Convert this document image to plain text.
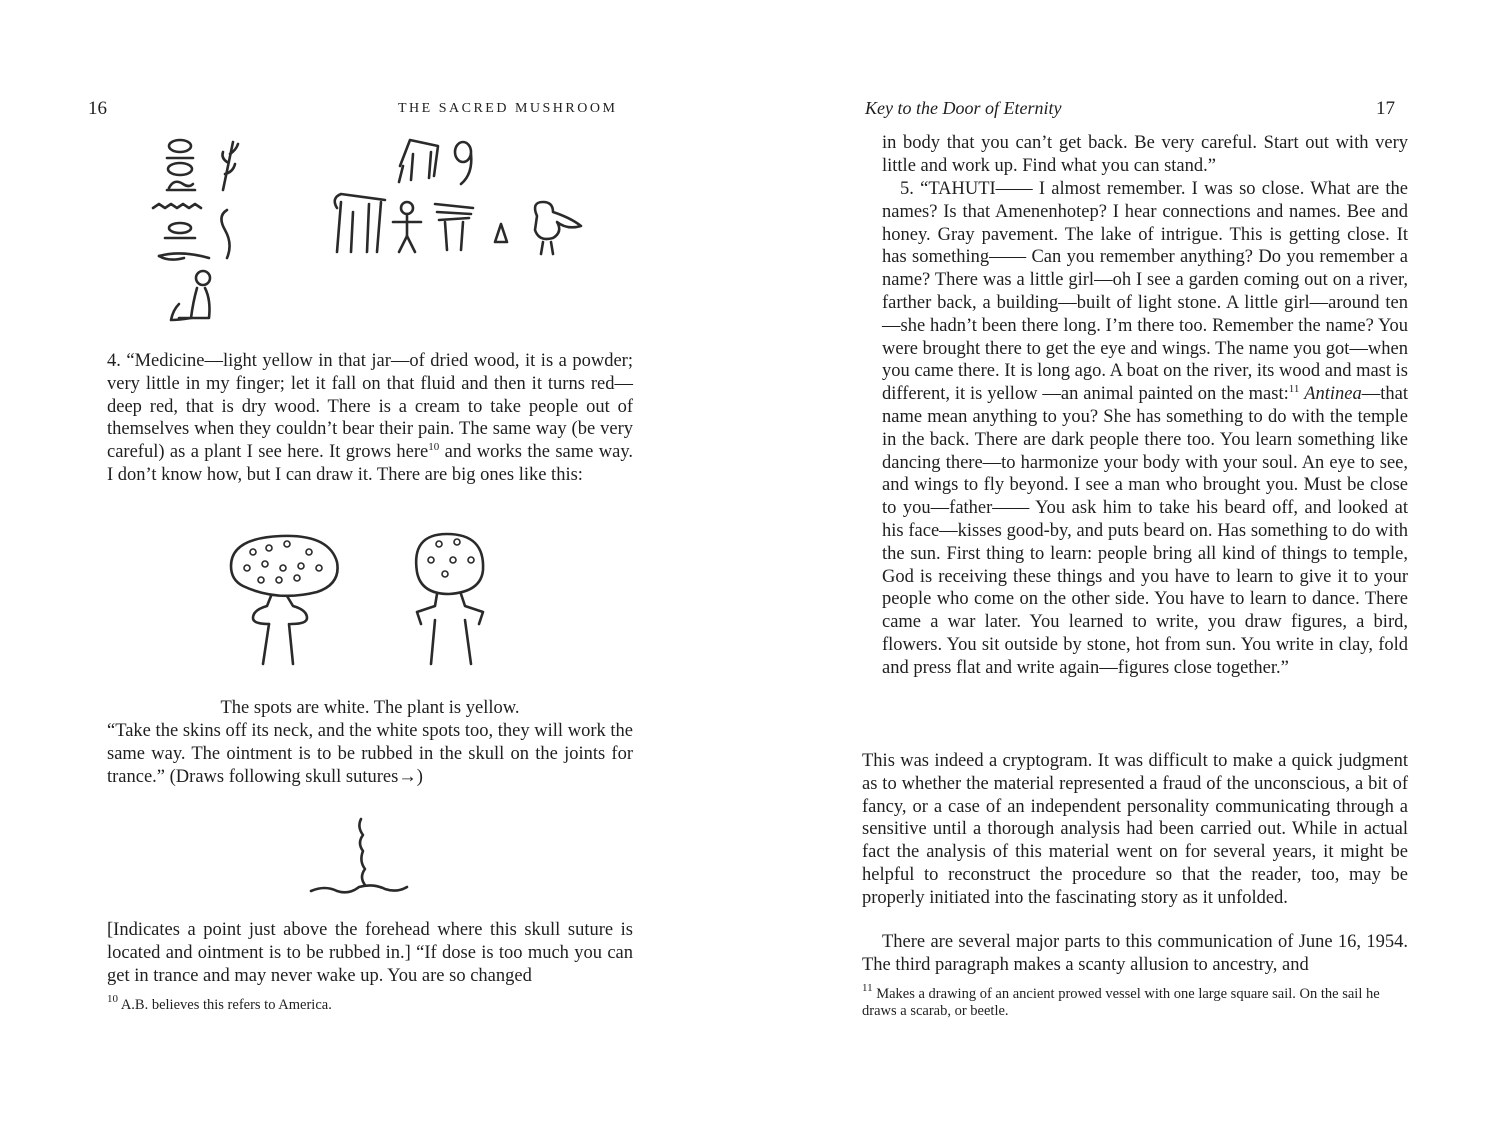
16	THE SACRED MUSHROOM

4. “Medicine—light yellow in that jar—of dried wood, it is a powder; very little in my finger; let it fall on that fluid and then it turns red—deep red, that is dry wood. There is a cream to take people out of themselves when they couldn’t bear their pain. The same way (be very careful) as a plant I see here. It grows here$^{10}$ and works the same way. I don’t know how, but I can draw it. There are big ones like this:

The spots are white. The plant is yellow.
“Take the skins off its neck, and the white spots too, they will work the same way. The ointment is to be rubbed in the skull on the joints for trance.” (Draws following skull sutures→)
[Indicates a point just above the forehead where this skull suture is located and ointment is to be rubbed in.] “If dose is too much you can get in trance and may never wake up. You are so changed
$^{10}$ A.B. believes this refers to America.
Key to the Door of Eternity	17
in body that you can’t get back. Be very careful. Start out with very little and work up. Find what you can stand.”

5. “TAHUTI—— I almost remember. I was so close. What are the names? Is that Amenenhotep? I hear connections and names. Bee and honey. Gray pavement. The lake of intrigue. This is getting close. It has something—— Can you remember anything? Do you remember a name? There was a little girl—oh I see a garden coming out on a river, farther back, a building—built of light stone. A little girl—around ten—she hadn’t been there long. I’m there too. Remember the name? You were brought there to get the eye and wings. The name you got—when you came there. It is long ago. A boat on the river, its wood and mast is different, it is yellow —an animal painted on the mast:$^{11}$ Antinea—that name mean anything to you? She has something to do with the temple in the back. There are dark people there too. You learn something like dancing there—to harmonize your body with your soul. An eye to see, and wings to fly beyond. I see a man who brought you. Must be close to you—father—— You ask him to take his beard off, and looked at his face—kisses good-by, and puts beard on. Has something to do with the sun. First thing to learn: people bring all kind of things to temple, God is receiving these things and you have to learn to give it to your people who come on the other side. You have to learn to dance. There came a war later. You learned to write, you draw figures, a bird, flowers. You sit outside by stone, hot from sun. You write in clay, fold and press flat and write again—figures close together.”

This was indeed a cryptogram. It was difficult to make a quick judgment as to whether the material represented a fraud of the unconscious, a bit of fancy, or a case of an independent personality communicating through a sensitive until a thorough analysis had been carried out. While in actual fact the analysis of this material went on for several years, it might be helpful to reconstruct the procedure so that the reader, too, may be properly initiated into the fascinating story as it unfolded.

There are several major parts to this communication of June 16, 1954. The third paragraph makes a scanty allusion to ancestry, and

$^{11}$ Makes a drawing of an ancient prowed vessel with one large square sail. On the sail he draws a scarab, or beetle.
